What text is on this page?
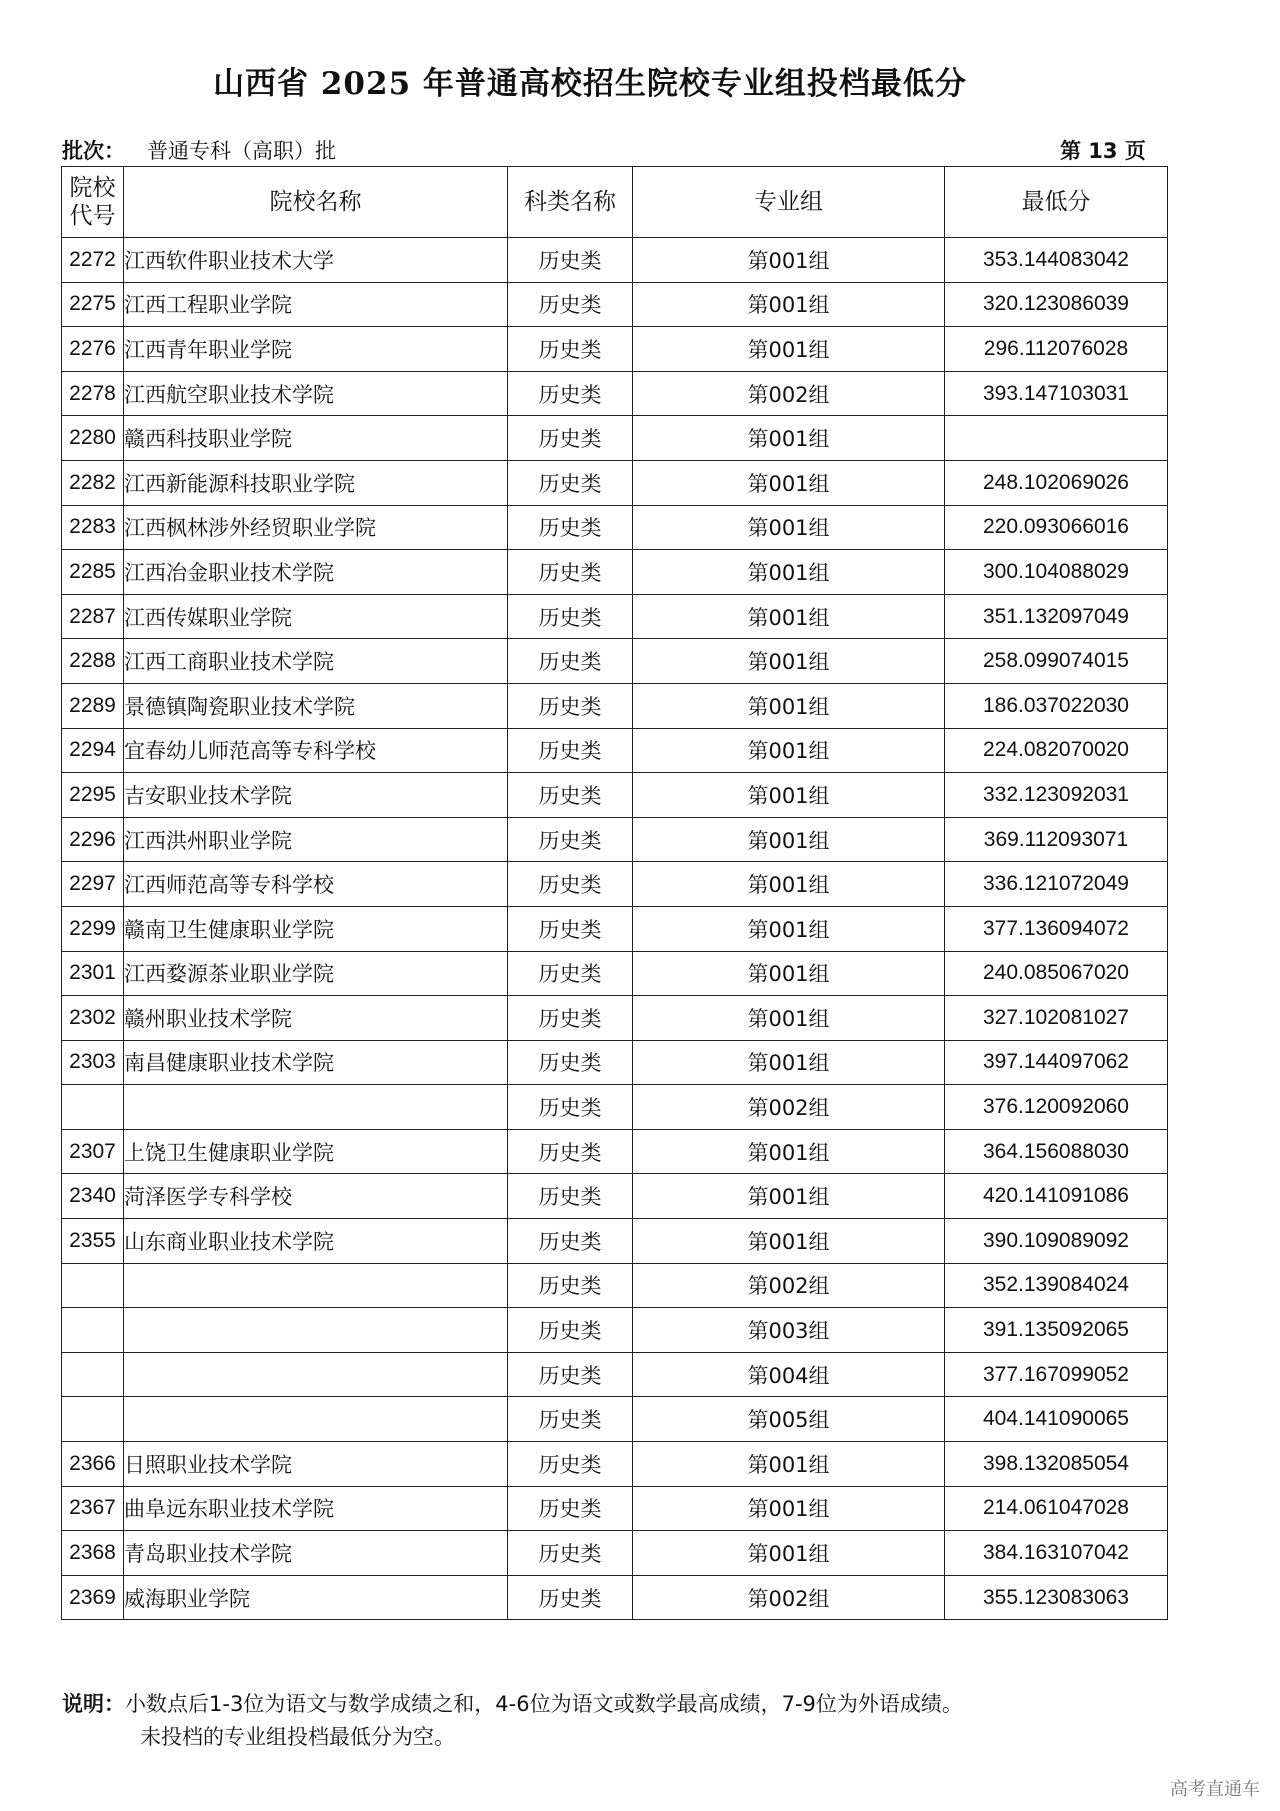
山西省 2025 年普通高校招生院校专业组投档最低分
批次： 普通专科（高职）批	第 13 页
院校
代号	院校名称	科类名称	专业组	最低分
2272	江西软件职业技术大学	历史类	第001组	353.144083042
2275	江西工程职业学院	历史类	第001组	320.123086039
2276	江西青年职业学院	历史类	第001组	296.112076028
2278	江西航空职业技术学院	历史类	第002组	393.147103031
2280	赣西科技职业学院	历史类	第001组	
2282	江西新能源科技职业学院	历史类	第001组	248.102069026
2283	江西枫林涉外经贸职业学院	历史类	第001组	220.093066016
2285	江西冶金职业技术学院	历史类	第001组	300.104088029
2287	江西传媒职业学院	历史类	第001组	351.132097049
2288	江西工商职业技术学院	历史类	第001组	258.099074015
2289	景德镇陶瓷职业技术学院	历史类	第001组	186.037022030
2294	宜春幼儿师范高等专科学校	历史类	第001组	224.082070020
2295	吉安职业技术学院	历史类	第001组	332.123092031
2296	江西洪州职业学院	历史类	第001组	369.112093071
2297	江西师范高等专科学校	历史类	第001组	336.121072049
2299	赣南卫生健康职业学院	历史类	第001组	377.136094072
2301	江西婺源茶业职业学院	历史类	第001组	240.085067020
2302	赣州职业技术学院	历史类	第001组	327.102081027
2303	南昌健康职业技术学院	历史类	第001组	397.144097062
		历史类	第002组	376.120092060
2307	上饶卫生健康职业学院	历史类	第001组	364.156088030
2340	菏泽医学专科学校	历史类	第001组	420.141091086
2355	山东商业职业技术学院	历史类	第001组	390.109089092
		历史类	第002组	352.139084024
		历史类	第003组	391.135092065
		历史类	第004组	377.167099052
		历史类	第005组	404.141090065
2366	日照职业技术学院	历史类	第001组	398.132085054
2367	曲阜远东职业技术学院	历史类	第001组	214.061047028
2368	青岛职业技术学院	历史类	第001组	384.163107042
2369	威海职业学院	历史类	第002组	355.123083063
说明：小数点后1-3位为语文与数学成绩之和，4-6位为语文或数学最高成绩，7-9位为外语成绩。
未投档的专业组投档最低分为空。
高考直通车
